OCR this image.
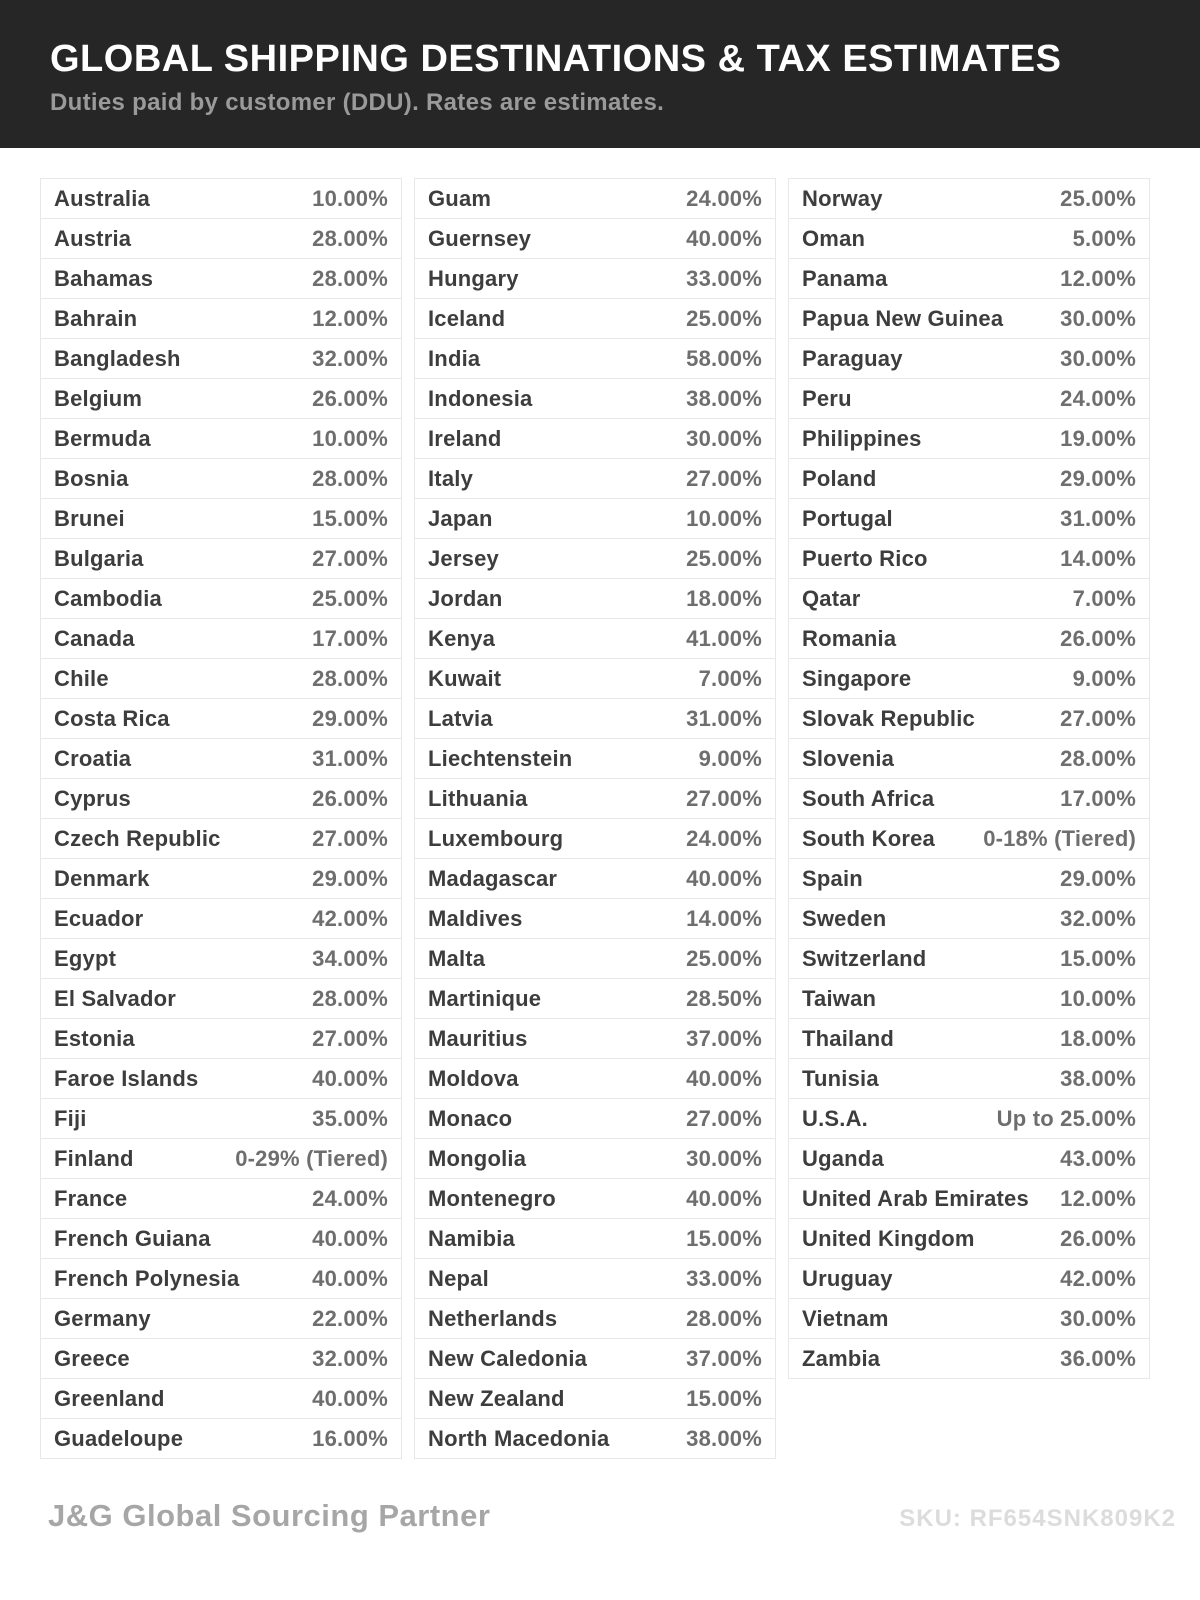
GLOBAL SHIPPING DESTINATIONS & TAX ESTIMATES

Duties paid by customer (DDU). Rates are estimates.

Australia	10.00%
Austria	28.00%
Bahamas	28.00%
Bahrain	12.00%
Bangladesh	32.00%
Belgium	26.00%
Bermuda	10.00%
Bosnia	28.00%
Brunei	15.00%
Bulgaria	27.00%
Cambodia	25.00%
Canada	17.00%
Chile	28.00%
Costa Rica	29.00%
Croatia	31.00%
Cyprus	26.00%
Czech Republic	27.00%
Denmark	29.00%
Ecuador	42.00%
Egypt	34.00%
El Salvador	28.00%
Estonia	27.00%
Faroe Islands	40.00%
Fiji	35.00%
Finland	0-29% (Tiered)
France	24.00%
French Guiana	40.00%
French Polynesia	40.00%
Germany	22.00%
Greece	32.00%
Greenland	40.00%
Guadeloupe	16.00%
Guam	24.00%
Guernsey	40.00%
Hungary	33.00%
Iceland	25.00%
India	58.00%
Indonesia	38.00%
Ireland	30.00%
Italy	27.00%
Japan	10.00%
Jersey	25.00%
Jordan	18.00%
Kenya	41.00%
Kuwait	7.00%
Latvia	31.00%
Liechtenstein	9.00%
Lithuania	27.00%
Luxembourg	24.00%
Madagascar	40.00%
Maldives	14.00%
Malta	25.00%
Martinique	28.50%
Mauritius	37.00%
Moldova	40.00%
Monaco	27.00%
Mongolia	30.00%
Montenegro	40.00%
Namibia	15.00%
Nepal	33.00%
Netherlands	28.00%
New Caledonia	37.00%
New Zealand	15.00%
North Macedonia	38.00%
Norway	25.00%
Oman	5.00%
Panama	12.00%
Papua New Guinea	30.00%
Paraguay	30.00%
Peru	24.00%
Philippines	19.00%
Poland	29.00%
Portugal	31.00%
Puerto Rico	14.00%
Qatar	7.00%
Romania	26.00%
Singapore	9.00%
Slovak Republic	27.00%
Slovenia	28.00%
South Africa	17.00%
South Korea 0-18% (Tiered)
Spain	29.00%
Sweden	32.00%
Switzerland	15.00%
Taiwan	10.00%
Thailand	18.00%
Tunisia	38.00%
U.S.A.	Up to 25.00%
Uganda	43.00%
United Arab Emirates 12.00%
United Kingdom	26.00%
Uruguay	42.00%
Vietnam	30.00%
Zambia	36.00%
J&G Global Sourcing Partner	SKU: RF654SNK809K2
